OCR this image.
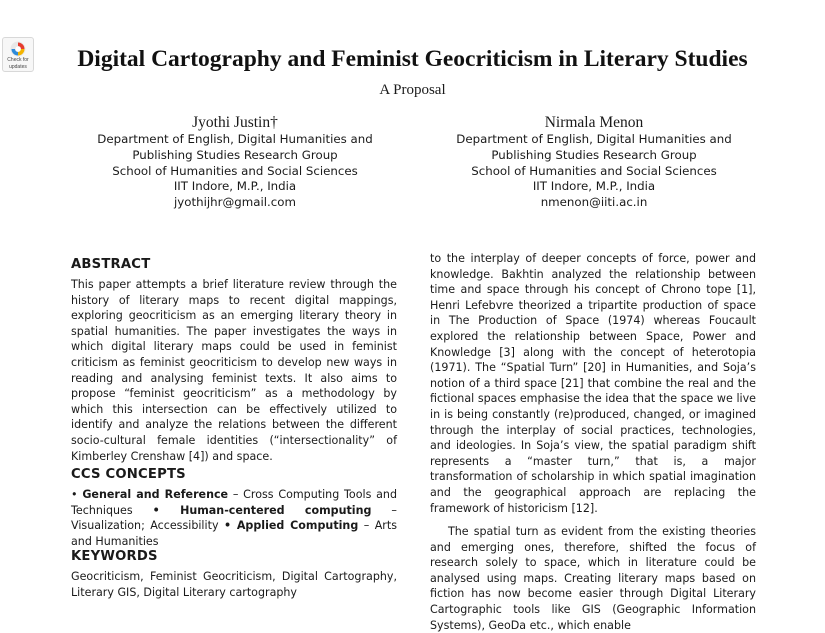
Check for
updates	Digital Cartography and Feminist Geocriticism in Literary Studies
A Proposal
Jyothi Justin†
Department of English, Digital Humanities and
Publishing Studies Research Group
School of Humanities and Social Sciences
IIT Indore, M.P., India
jyothijhr@gmail.com
Nirmala Menon
Department of English, Digital Humanities and
Publishing Studies Research Group
School of Humanities and Social Sciences
IIT Indore, M.P., India
nmenon@iiti.ac.in
ABSTRACT

This paper attempts a brief literature review through the history of literary maps to recent digital mappings, exploring geocriticism as an emerging literary theory in spatial humanities. The paper investigates the ways in which digital literary maps could be used in feminist criticism as feminist geocriticism to develop new ways in reading and analysing feminist texts. It also aims to propose “feminist geocriticism” as a methodology by which this intersection can be effectively utilized to identify and analyze the relations between the different socio-cultural female identities (“intersectionality” of Kimberley Crenshaw [4]) and space.

CCS CONCEPTS

• General and Reference – Cross Computing Tools and Techniques • Human-centered computing – Visualization; Accessibility • Applied Computing – Arts and Humanities

KEYWORDS

Geocriticism, Feminist Geocriticism, Digital Cartography, Literary GIS, Digital Literary cartography

to the interplay of deeper concepts of force, power and knowledge. Bakhtin analyzed the relationship between time and space through his concept of Chrono tope [1], Henri Lefebvre theorized a tripartite production of space in The Production of Space (1974) whereas Foucault explored the relationship between Space, Power and Knowledge [3] along with the concept of heterotopia (1971). The “Spatial Turn” [20] in Humanities, and Soja’s notion of a third space [21] that combine the real and the fictional spaces emphasise the idea that the space we live in is being constantly (re)produced, changed, or imagined through the interplay of social practices, technologies, and ideologies. In Soja’s view, the spatial paradigm shift represents a “master turn,” that is, a major transformation of scholarship in which spatial imagination and the geographical approach are replacing the framework of historicism [12].

The spatial turn as evident from the existing theories and emerging ones, therefore, shifted the focus of research solely to space, which in literature could be analysed using maps. Creating literary maps based on fiction has now become easier through Digital Literary Cartographic tools like GIS (Geographic Information Systems), GeoDa etc., which enable
